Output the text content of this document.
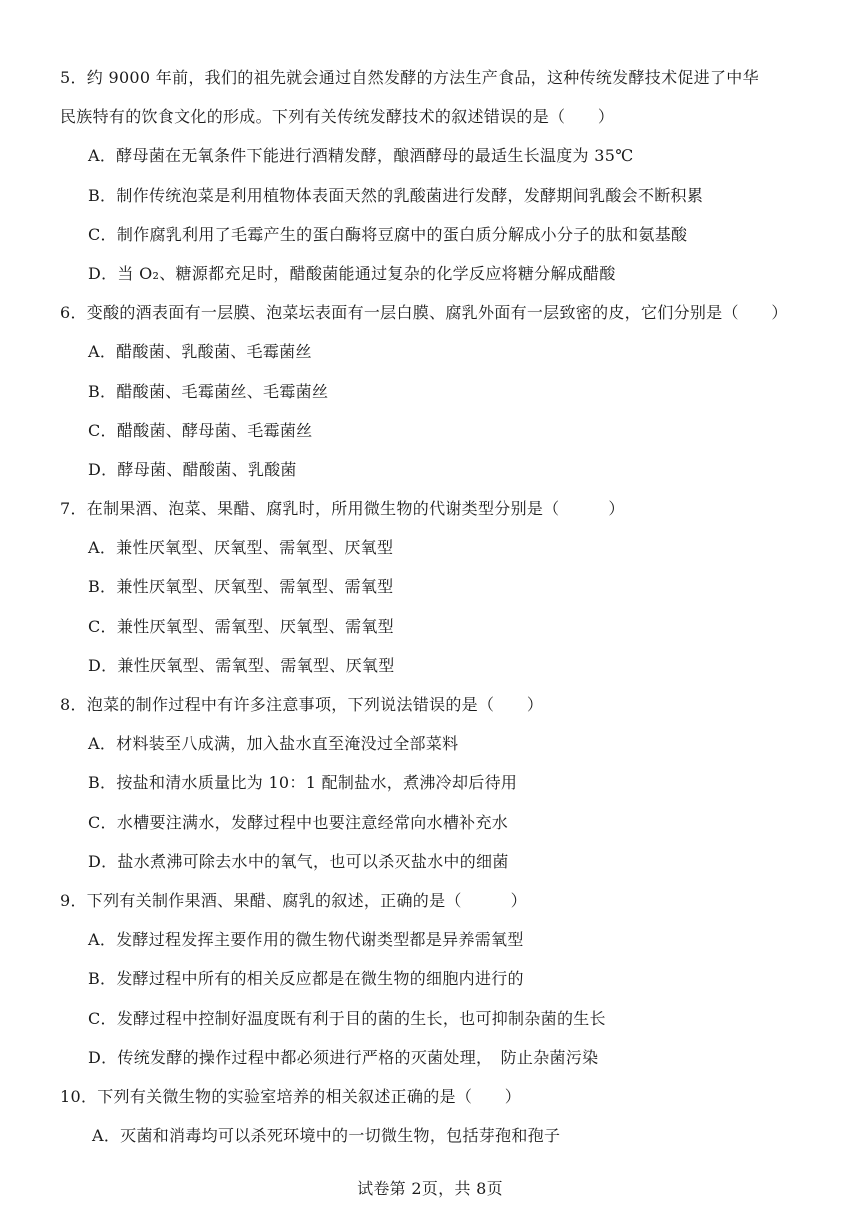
5．约 9000 年前，我们的祖先就会通过自然发酵的方法生产食品，这种传统发酵技术促进了中华
民族特有的饮食文化的形成。下列有关传统发酵技术的叙述错误的是（　　）
A．酵母菌在无氧条件下能进行酒精发酵，酿酒酵母的最适生长温度为 35℃
B．制作传统泡菜是利用植物体表面天然的乳酸菌进行发酵，发酵期间乳酸会不断积累
C．制作腐乳利用了毛霉产生的蛋白酶将豆腐中的蛋白质分解成小分子的肽和氨基酸
D．当 O₂、糖源都充足时，醋酸菌能通过复杂的化学反应将糖分解成醋酸
6．变酸的酒表面有一层膜、泡菜坛表面有一层白膜、腐乳外面有一层致密的皮，它们分别是（　　）
A．醋酸菌、乳酸菌、毛霉菌丝
B．醋酸菌、毛霉菌丝、毛霉菌丝
C．醋酸菌、酵母菌、毛霉菌丝
D．酵母菌、醋酸菌、乳酸菌
7．在制果酒、泡菜、果醋、腐乳时，所用微生物的代谢类型分别是（　　　）
A．兼性厌氧型、厌氧型、需氧型、厌氧型
B．兼性厌氧型、厌氧型、需氧型、需氧型
C．兼性厌氧型、需氧型、厌氧型、需氧型
D．兼性厌氧型、需氧型、需氧型、厌氧型
8．泡菜的制作过程中有许多注意事项，下列说法错误的是（　　）
A．材料装至八成满，加入盐水直至淹没过全部菜料
B．按盐和清水质量比为 10：1 配制盐水，煮沸冷却后待用
C．水槽要注满水，发酵过程中也要注意经常向水槽补充水
D．盐水煮沸可除去水中的氧气，也可以杀灭盐水中的细菌
9．下列有关制作果酒、果醋、腐乳的叙述，正确的是（　　　）
A．发酵过程发挥主要作用的微生物代谢类型都是异养需氧型
B．发酵过程中所有的相关反应都是在微生物的细胞内进行的
C．发酵过程中控制好温度既有利于目的菌的生长，也可抑制杂菌的生长
D．传统发酵的操作过程中都必须进行严格的灭菌处理，　防止杂菌污染
10．下列有关微生物的实验室培养的相关叙述正确的是（　　）
A．灭菌和消毒均可以杀死环境中的一切微生物，包括芽孢和孢子
试卷第 2页，共 8页
